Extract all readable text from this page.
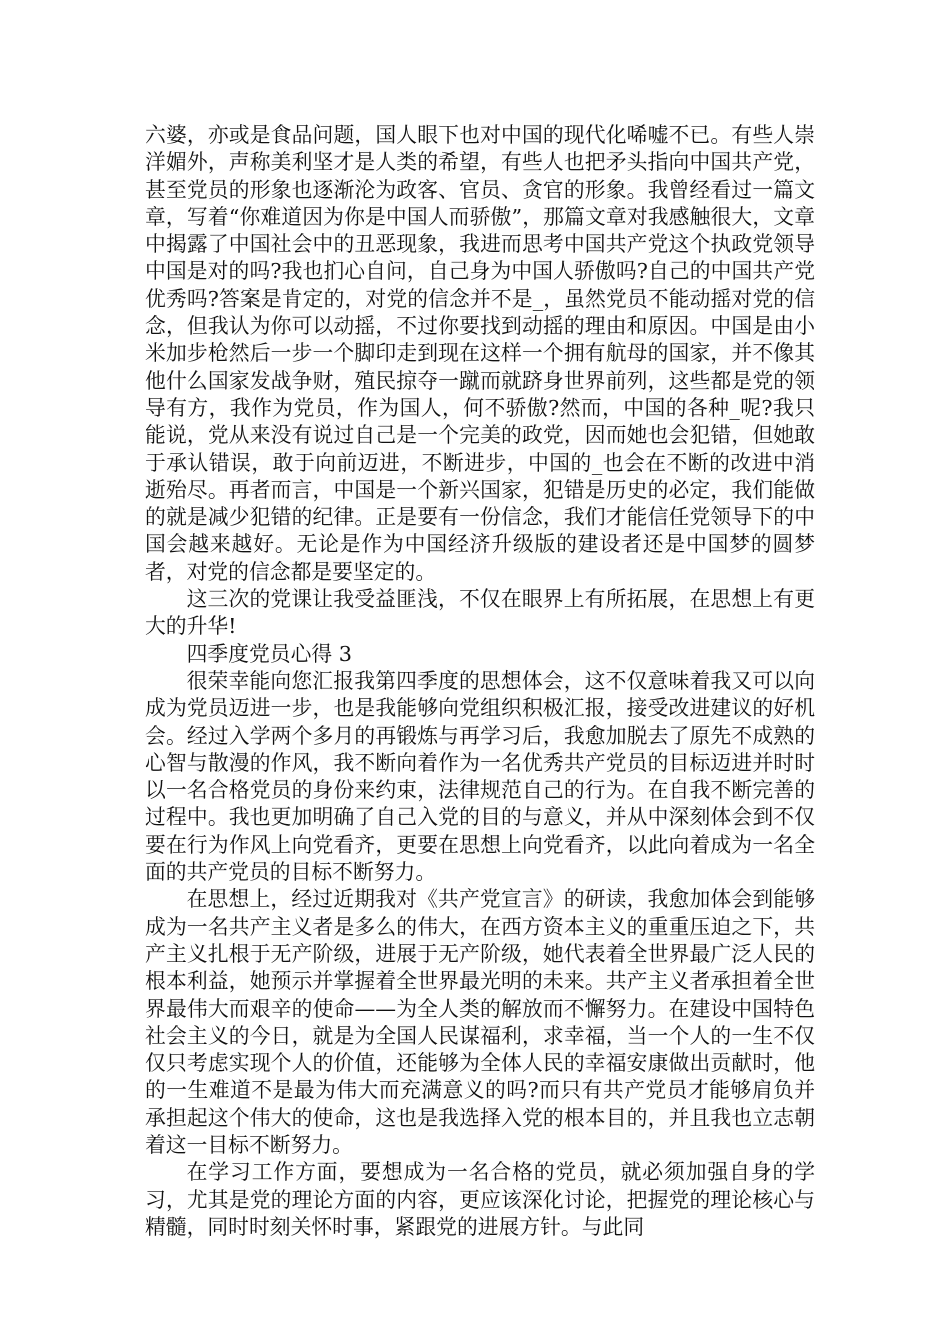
六婆，亦或是食品问题，国人眼下也对中国的现代化唏嘘不已。有些人崇洋媚外，声称美利坚才是人类的希望，有些人也把矛头指向中国共产党，甚至党员的形象也逐渐沦为政客、官员、贪官的形象。我曾经看过一篇文章，写着“你难道因为你是中国人而骄傲”，那篇文章对我感触很大，文章中揭露了中国社会中的丑恶现象，我进而思考中国共产党这个执政党领导中国是对的吗?我也扪心自问，自己身为中国人骄傲吗?自己的中国共产党优秀吗?答案是肯定的，对党的信念并不是_，虽然党员不能动摇对党的信念，但我认为你可以动摇，不过你要找到动摇的理由和原因。中国是由小米加步枪然后一步一个脚印走到现在这样一个拥有航母的国家，并不像其他什么国家发战争财，殖民掠夺一蹴而就跻身世界前列，这些都是党的领导有方，我作为党员，作为国人，何不骄傲?然而，中国的各种_呢?我只能说，党从来没有说过自己是一个完美的政党，因而她也会犯错，但她敢于承认错误，敢于向前迈进，不断进步，中国的_也会在不断的改进中消逝殆尽。再者而言，中国是一个新兴国家，犯错是历史的必定，我们能做的就是减少犯错的纪律。正是要有一份信念，我们才能信任党领导下的中国会越来越好。无论是作为中国经济升级版的建设者还是中国梦的圆梦者，对党的信念都是要坚定的。

这三次的党课让我受益匪浅，不仅在眼界上有所拓展，在思想上有更大的升华!

四季度党员心得 3

很荣幸能向您汇报我第四季度的思想体会，这不仅意味着我又可以向成为党员迈进一步，也是我能够向党组织积极汇报，接受改进建议的好机会。经过入学两个多月的再锻炼与再学习后，我愈加脱去了原先不成熟的心智与散漫的作风，我不断向着作为一名优秀共产党员的目标迈进并时时以一名合格党员的身份来约束，法律规范自己的行为。在自我不断完善的过程中。我也更加明确了自己入党的目的与意义，并从中深刻体会到不仅要在行为作风上向党看齐，更要在思想上向党看齐，以此向着成为一名全面的共产党员的目标不断努力。

在思想上，经过近期我对《共产党宣言》的研读，我愈加体会到能够成为一名共产主义者是多么的伟大，在西方资本主义的重重压迫之下，共产主义扎根于无产阶级，进展于无产阶级，她代表着全世界最广泛人民的根本利益，她预示并掌握着全世界最光明的未来。共产主义者承担着全世界最伟大而艰辛的使命——为全人类的解放而不懈努力。在建设中国特色社会主义的今日，就是为全国人民谋福利，求幸福，当一个人的一生不仅仅只考虑实现个人的价值，还能够为全体人民的幸福安康做出贡献时，他的一生难道不是最为伟大而充满意义的吗?而只有共产党员才能够肩负并承担起这个伟大的使命，这也是我选择入党的根本目的，并且我也立志朝着这一目标不断努力。

在学习工作方面，要想成为一名合格的党员，就必须加强自身的学习，尤其是党的理论方面的内容，更应该深化讨论，把握党的理论核心与精髓，同时时刻关怀时事，紧跟党的进展方针。与此同
